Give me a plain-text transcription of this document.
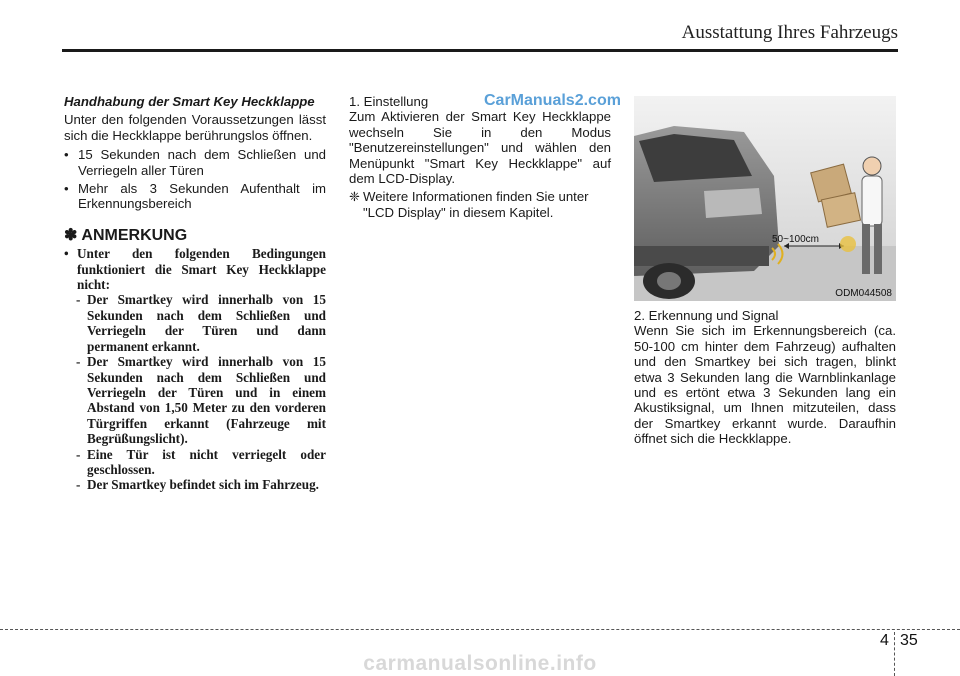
Ausstattung Ihres Fahrzeugs

Handhabung der Smart Key Heckklappe

Unter den folgenden Voraussetzungen lässt sich die Heckklappe berührungslos öffnen.

• 15 Sekunden nach dem Schließen und Verriegeln aller Türen
• Mehr als 3 Sekunden Aufenthalt im Erkennungsbereich
✽ ANMERKUNG
• Unter den folgenden Bedingungen funktioniert die Smart Key Heckklappe nicht:
- Der Smartkey wird innerhalb von 15 Sekunden nach dem Schließen und Verriegeln der Türen und dann permanent erkannt.
- Der Smartkey wird innerhalb von 15 Sekunden nach dem Schließen und Verriegeln der Türen und in einem Abstand von 1,50 Meter zu den vorderen Türgriffen erkannt (Fahrzeuge mit Begrüßungslicht).
- Eine Tür ist nicht verriegelt oder geschlossen.
- Der Smartkey befindet sich im Fahrzeug.

1. Einstellung

Zum Aktivieren der Smart Key Heckklappe wechseln Sie in den Modus "Benutzereinstellungen" und wählen den Menüpunkt "Smart Key Heckklappe" auf dem LCD-Display.

❈ Weitere Informationen finden Sie unter "LCD Display" in diesem Kapitel.
CarManuals2.com
50~100cm
ODM044508

2. Erkennung und Signal

Wenn Sie sich im Erkennungsbereich (ca. 50-100 cm hinter dem Fahrzeug) aufhalten und den Smartkey bei sich tragen, blinkt etwa 3 Sekunden lang die Warnblinkanlage und es ertönt etwa 3 Sekunden lang ein Akustiksignal, um Ihnen mitzuteilen, dass der Smartkey erkannt wurde. Daraufhin öffnet sich die Heckklappe.

4 35
carmanualsonline.info
